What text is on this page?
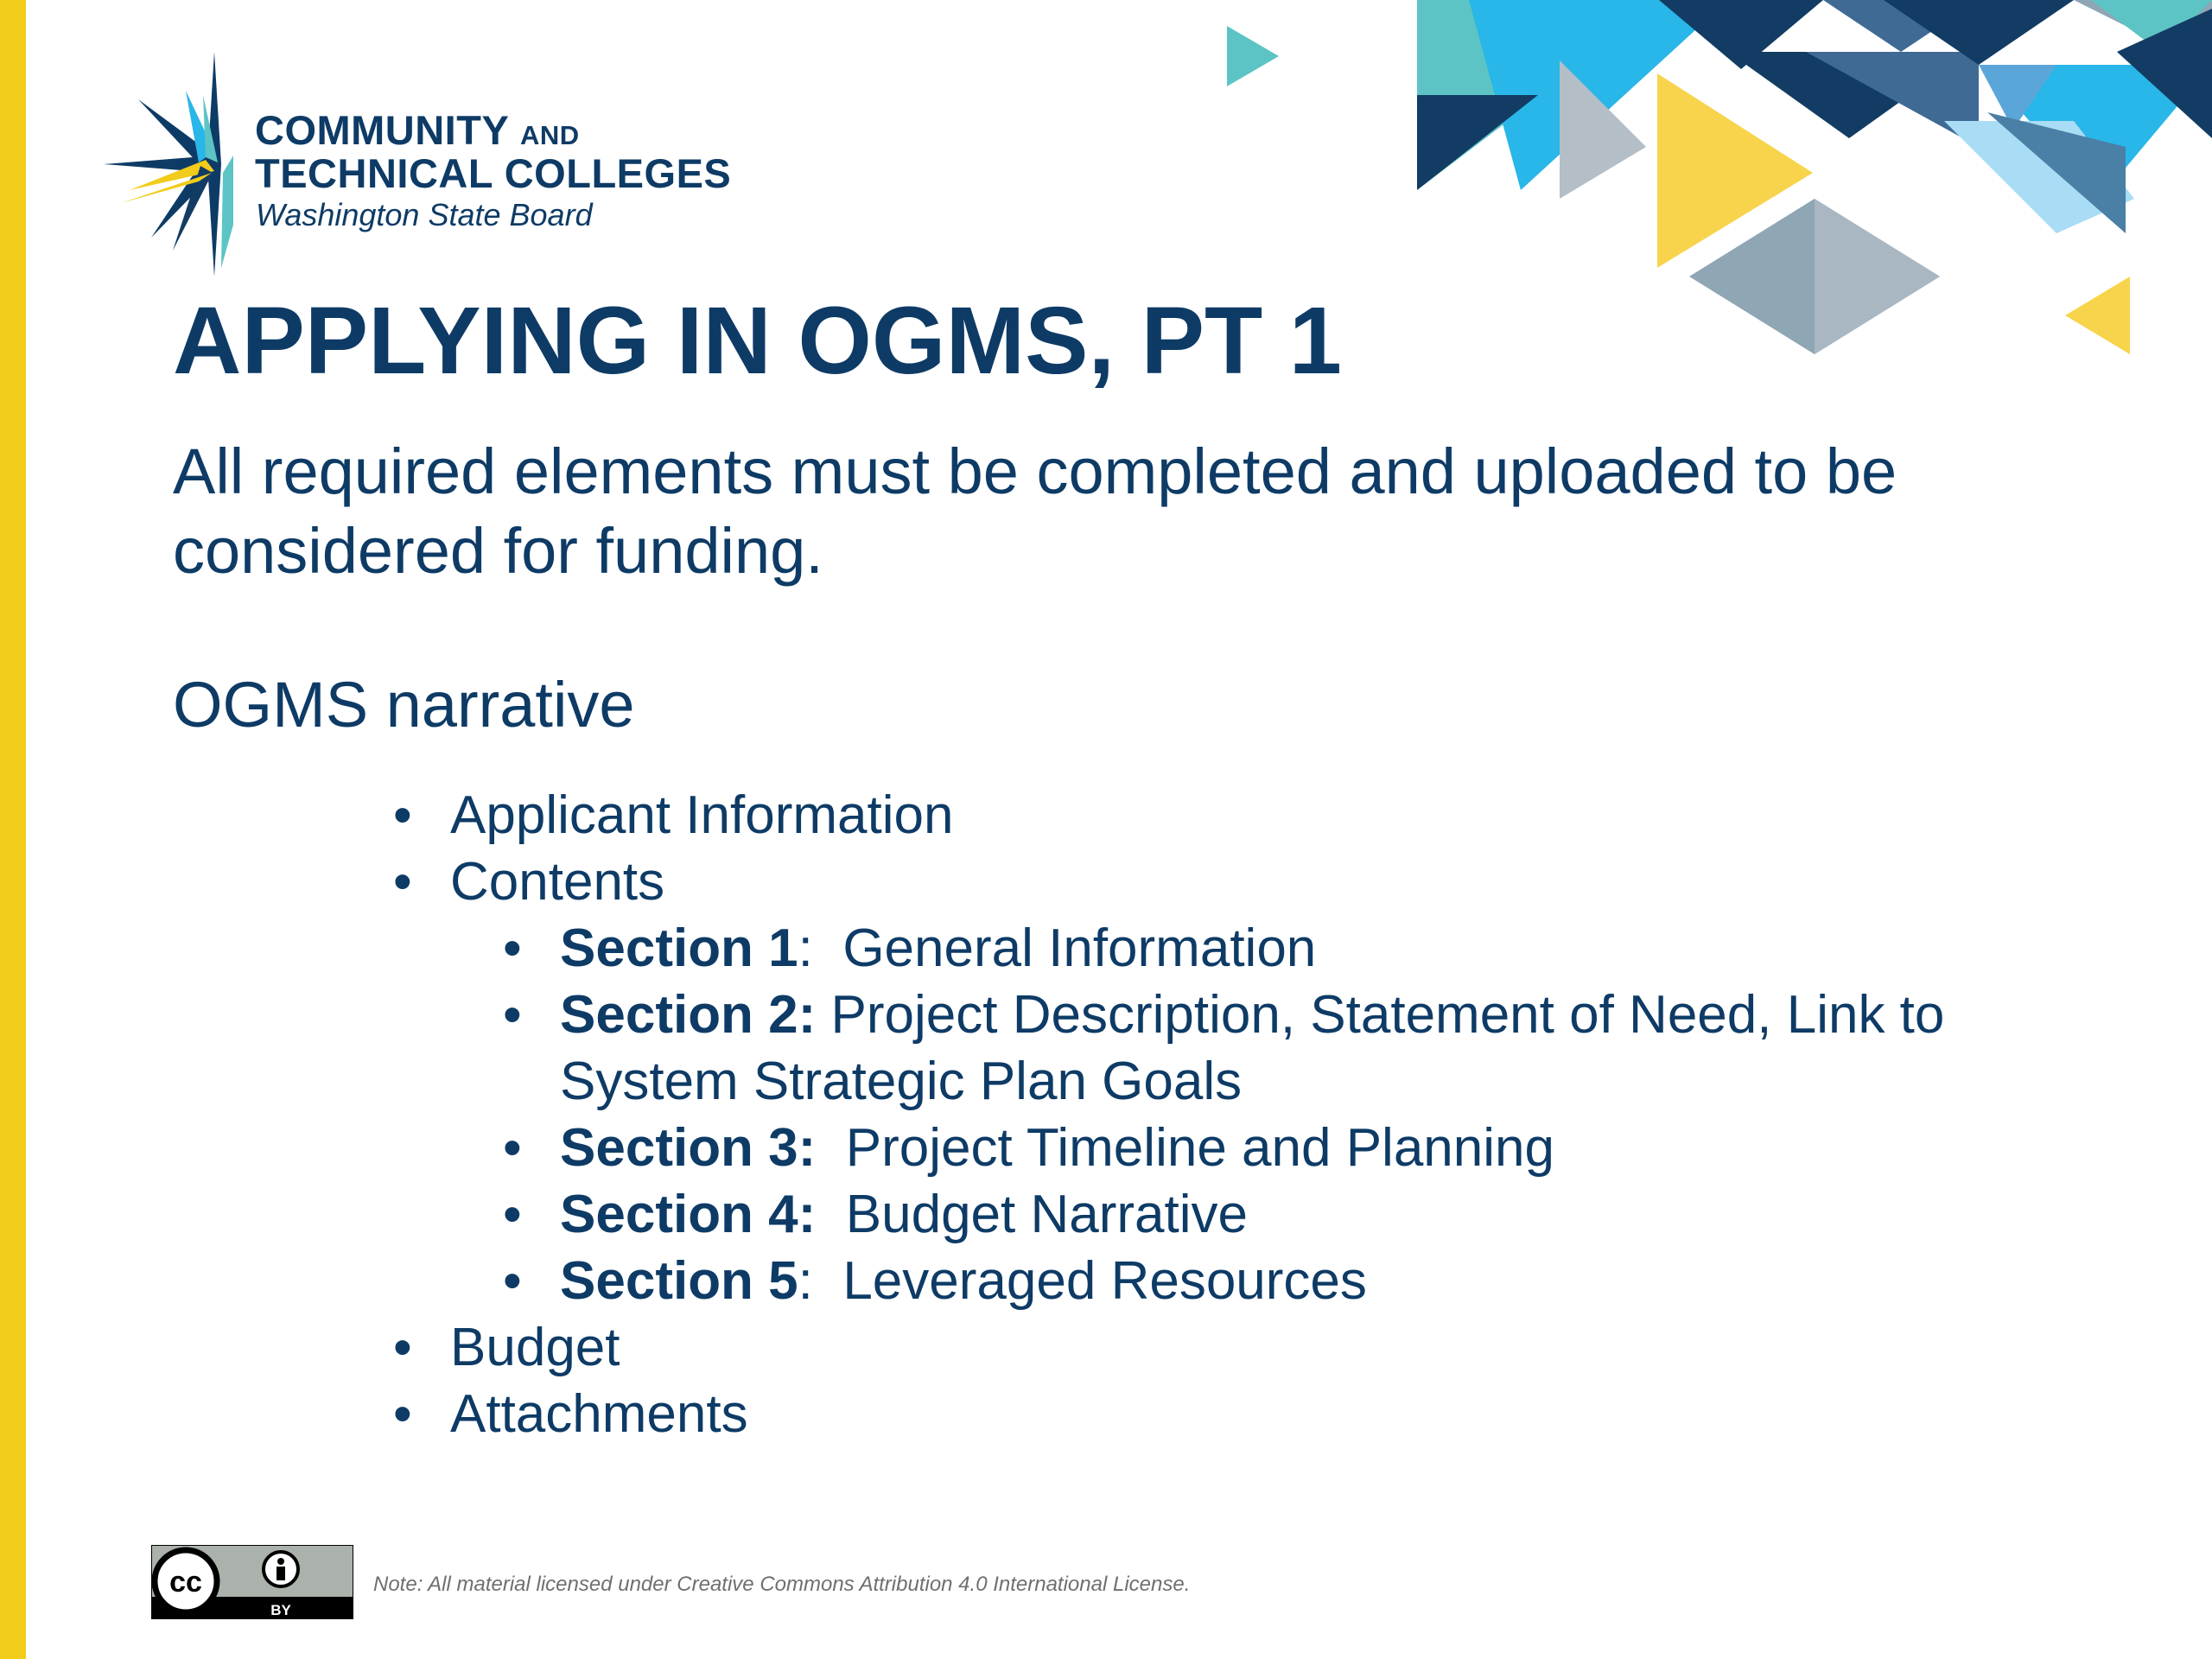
COMMUNITY AND

TECHNICAL COLLEGES

Washington State Board

APPLYING IN OGMS, PT 1

All required elements must be completed and uploaded to be considered for funding.

OGMS narrative

• Applicant Information
• Contents
• Section 1:  General Information
• Section 2: Project Description, Statement of Need, Link to System Strategic Plan Goals
• Section 3:  Project Timeline and Planning
• Section 4:  Budget Narrative
• Section 5:  Leveraged Resources
• Budget
• Attachments
cc
BY

Note: All material licensed under Creative Commons Attribution 4.0 International License.
